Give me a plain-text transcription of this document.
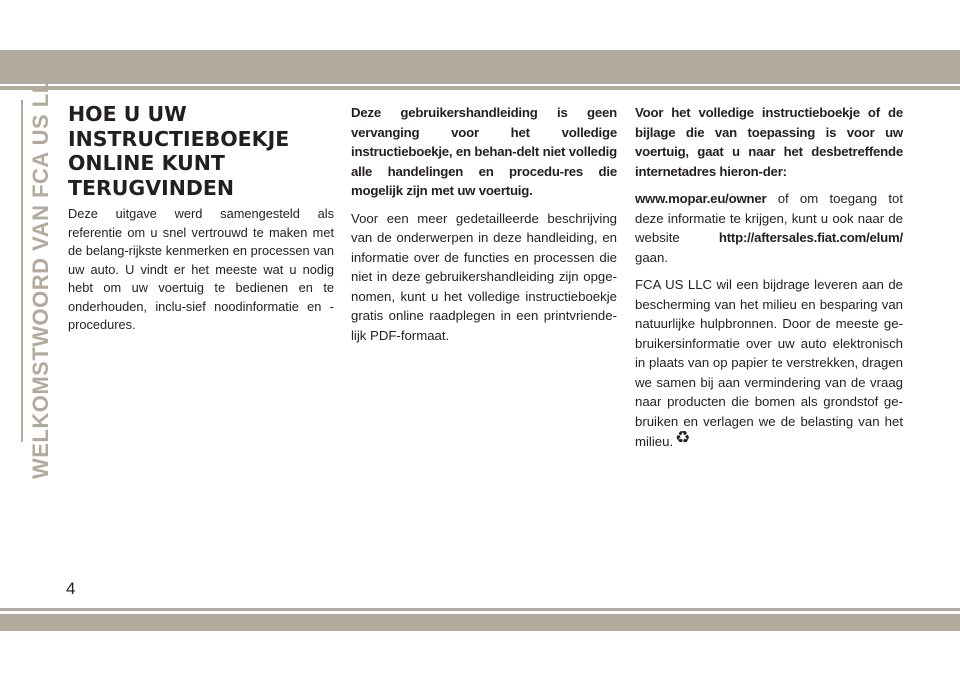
WELKOMSTWOORD VAN FCA US LLC HOE U UW
INSTRUCTIEBOEKJE
ONLINE KUNT
TERUGVINDEN

Deze uitgave werd samengesteld als referentie om u snel vertrouwd te maken met de belang-rijkste kenmerken en processen van uw auto. U vindt er het meeste wat u nodig hebt om uw voertuig te bedienen en te onderhouden, inclu-sief noodinformatie en -procedures.

Deze gebruikershandleiding is geen vervanging voor het volledige instructieboekje, en behan-delt niet volledig alle handelingen en procedu-res die mogelijk zijn met uw voertuig.

Voor een meer gedetailleerde beschrijving van de onderwerpen in deze handleiding, en informatie over de functies en processen die niet in deze gebruikershandleiding zijn opge-nomen, kunt u het volledige instructieboekje gratis online raadplegen in een printvriende-lijk PDF-formaat.

Voor het volledige instructieboekje of de bijlage die van toepassing is voor uw voertuig, gaat u naar het desbetreffende internetadres hieron-der:

www.mopar.eu/owner of om toegang tot deze informatie te krijgen, kunt u ook naar de website http://aftersales.fiat.com/elum/ gaan.

FCA US LLC wil een bijdrage leveren aan de bescherming van het milieu en besparing van natuurlijke hulpbronnen. Door de meeste ge-bruikersinformatie over uw auto elektronisch in plaats van op papier te verstrekken, dragen we samen bij aan vermindering van de vraag naar producten die bomen als grondstof ge-bruiken en verlagen we de belasting van het milieu. ♻

4
